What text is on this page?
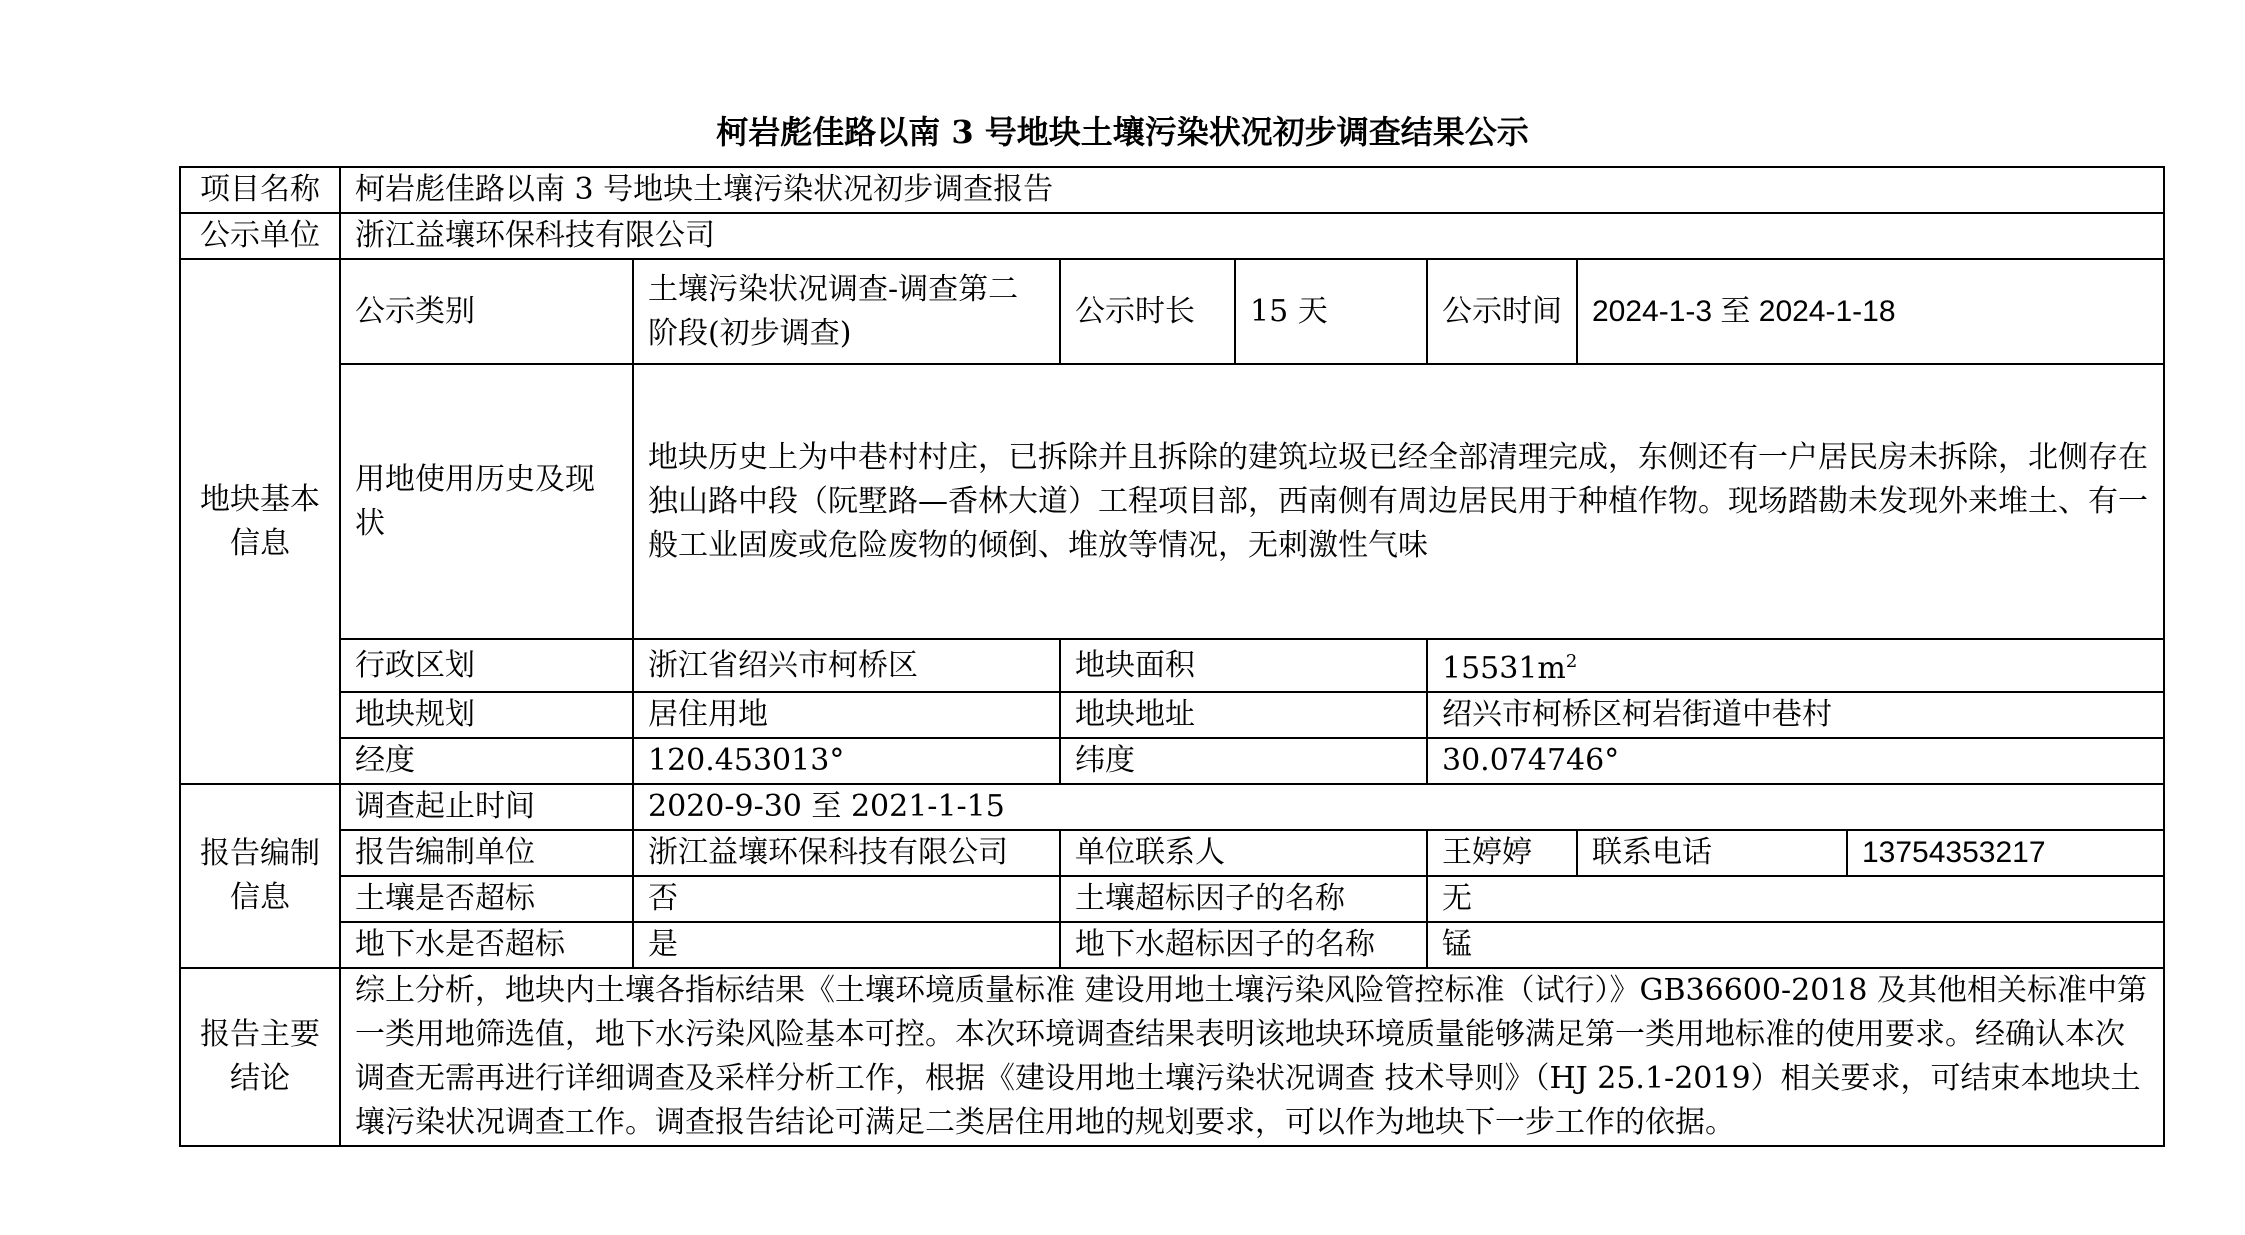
柯岩彪佳路以南 3 号地块土壤污染状况初步调查结果公示
项目名称	柯岩彪佳路以南 3 号地块土壤污染状况初步调查报告						
公示单位	浙江益壤环保科技有限公司						
地块基本信息	公示类别	土壤污染状况调查-调查第二阶段(初步调查)	公示时长	15 天	公示时间	2024-1-3 至 2024-1-18	
	用地使用历史及现状	地块历史上为中巷村村庄，已拆除并且拆除的建筑垃圾已经全部清理完成，东侧还有一户居民房未拆除，北侧存在独山路中段（阮墅路—香林大道）工程项目部，西南侧有周边居民用于种植作物。现场踏勘未发现外来堆土、有一般工业固废或危险废物的倾倒、堆放等情况，无刺激性气味					
	行政区划	浙江省绍兴市柯桥区	地块面积		$15531m^2$
	地块规划	居住用地	地块地址		绍兴市柯桥区柯岩街道中巷村		
	经度	120.453013°	纬度		30.074746°		
报告编制信息	调查起止时间	2020-9-30 至 2021-1-15					
	报告编制单位	浙江益壤环保科技有限公司	单位联系人		王婷婷	联系电话	13754353217
	土壤是否超标	否	土壤超标因子的名称		无		
	地下水是否超标	是	地下水超标因子的名称		锰		
报告主要结论	综上分析，地块内土壤各指标结果《土壤环境质量标准 建设用地土壤污染风险管控标准（试行）》GB36600-2018 及其他相关标准中第一类用地筛选值，地下水污染风险基本可控。本次环境调查结果表明该地块环境质量能够满足第一类用地标准的使用要求。经确认本次调查无需再进行详细调查及采样分析工作，根据《建设用地土壤污染状况调查 技术导则》（HJ 25.1-2019）相关要求，可结束本地块土壤污染状况调查工作。调查报告结论可满足二类居住用地的规划要求，可以作为地块下一步工作的依据。						
